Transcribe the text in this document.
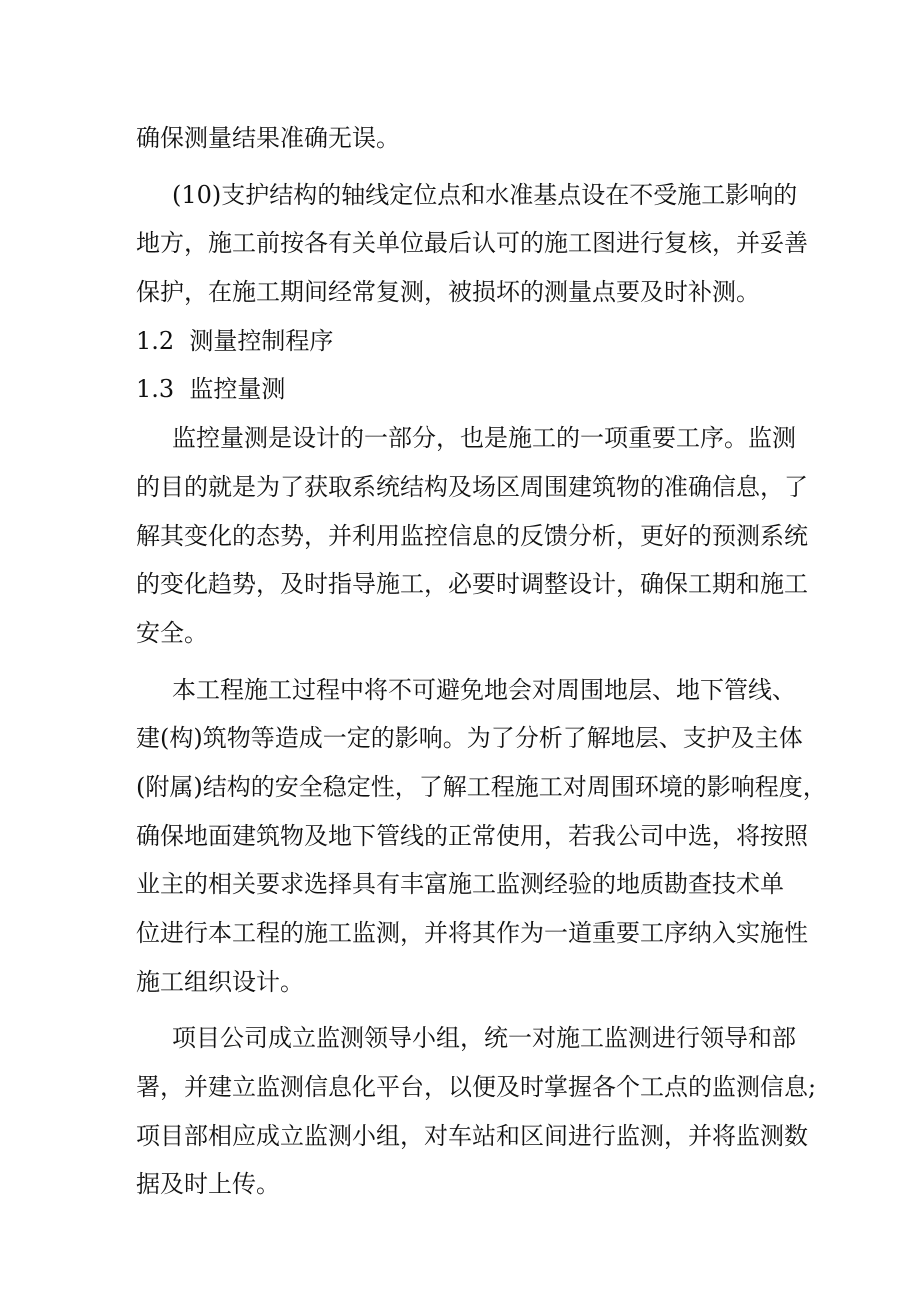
确保测量结果准确无误。
(10)支护结构的轴线定位点和水准基点设在不受施工影响的
地方，施工前按各有关单位最后认可的施工图进行复核，并妥善
保护，在施工期间经常复测，被损坏的测量点要及时补测。
1.2  测量控制程序
1.3  监控量测
监控量测是设计的一部分，也是施工的一项重要工序。监测
的目的就是为了获取系统结构及场区周围建筑物的准确信息，了
解其变化的态势，并利用监控信息的反馈分析，更好的预测系统
的变化趋势，及时指导施工，必要时调整设计，确保工期和施工
安全。
本工程施工过程中将不可避免地会对周围地层、地下管线、
建(构)筑物等造成一定的影响。为了分析了解地层、支护及主体
(附属)结构的安全稳定性，了解工程施工对周围环境的影响程度，
确保地面建筑物及地下管线的正常使用，若我公司中选，将按照
业主的相关要求选择具有丰富施工监测经验的地质勘查技术单
位进行本工程的施工监测，并将其作为一道重要工序纳入实施性
施工组织设计。
项目公司成立监测领导小组，统一对施工监测进行领导和部
署，并建立监测信息化平台，以便及时掌握各个工点的监测信息;
项目部相应成立监测小组，对车站和区间进行监测，并将监测数
据及时上传。
